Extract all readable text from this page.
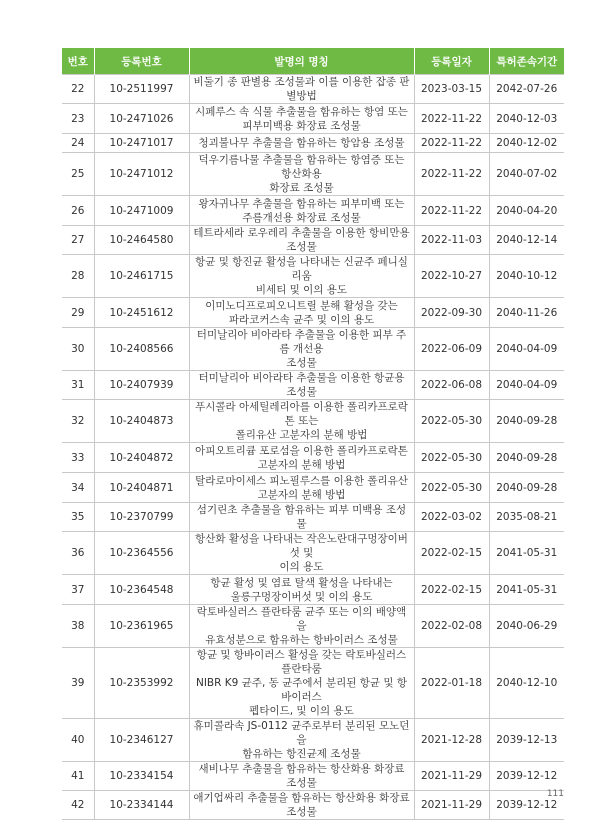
번호	등록번호	발명의 명칭	등록일자	특허존속기간
22	10-2511997	비둘기 종 판별용 조성물과 이를 이용한 잡종 판별방법	2023-03-15	2042-07-26
23	10-2471026	시페루스 속 식물 추출물을 함유하는 항염 또는
피부미백용 화장료 조성물	2022-11-22	2040-12-03
24	10-2471017	청괴불나무 추출물을 함유하는 항암용 조성물	2022-11-22	2040-12-02
25	10-2471012	덕우기름나물 추출물을 함유하는 항염증 또는 항산화용
화장료 조성물	2022-11-22	2040-07-02
26	10-2471009	왕자귀나무 추출물을 함유하는 피부미백 또는
주름개선용 화장료 조성물	2022-11-22	2040-04-20
27	10-2464580	테트라세라 로우레리 추출물을 이용한 항비만용 조성물	2022-11-03	2040-12-14
28	10-2461715	항균 및 항진균 활성을 나타내는 신균주 페니실리움
비세티 및 이의 용도	2022-10-27	2040-10-12
29	10-2451612	이미노디프로피오니트릴 분해 활성을 갖는
파라코커스속 균주 및 이의 용도	2022-09-30	2040-11-26
30	10-2408566	터미날리아 비아라타 추출물을 이용한 피부 주름 개선용
조성물	2022-06-09	2040-04-09
31	10-2407939	터미날리아 비아라타 추출물을 이용한 항균용 조성물	2022-06-08	2040-04-09
32	10-2404873	푸시콜라 아세틸레리아를 이용한 폴리카프로락톤 또는
폴리유산 고분자의 분해 방법	2022-05-30	2040-09-28
33	10-2404872	아피오트리큠 포로섬을 이용한 폴리카프로락톤
고분자의 분해 방법	2022-05-30	2040-09-28
34	10-2404871	탈라로마이세스 피노필루스를 이용한 폴리유산
고분자의 분해 방법	2022-05-30	2040-09-28
35	10-2370799	섬기린초 추출물을 함유하는 피부 미백용 조성물	2022-03-02	2035-08-21
36	10-2364556	항산화 활성을 나타내는 작은노란대구멍장이버섯 및
이의 용도	2022-02-15	2041-05-31
37	10-2364548	항균 활성 및 염료 탈색 활성을 나타내는
울릉구멍장이버섯 및 이의 용도	2022-02-15	2041-05-31
38	10-2361965	락토바실러스 플란타룸 균주 또는 이의 배양액을
유효성분으로 함유하는 항바이러스 조성물	2022-02-08	2040-06-29
39	10-2353992	항균 및 항바이러스 활성을 갖는 락토바실러스 플란타룸
NIBR K9 균주, 동 균주에서 분리된 항균 및 항바이러스
펩타이드, 및 이의 용도	2022-01-18	2040-12-10
40	10-2346127	휴미콜라속 JS-0112 균주로부터 분리된 모노던을
함유하는 항진균제 조성물	2021-12-28	2039-12-13
41	10-2334154	새비나무 추출물을 함유하는 항산화용 화장료 조성물	2021-11-29	2039-12-12
42	10-2334144	애기업싸리 추출물을 함유하는 항산화용 화장료 조성물	2021-11-29	2039-12-12
111
